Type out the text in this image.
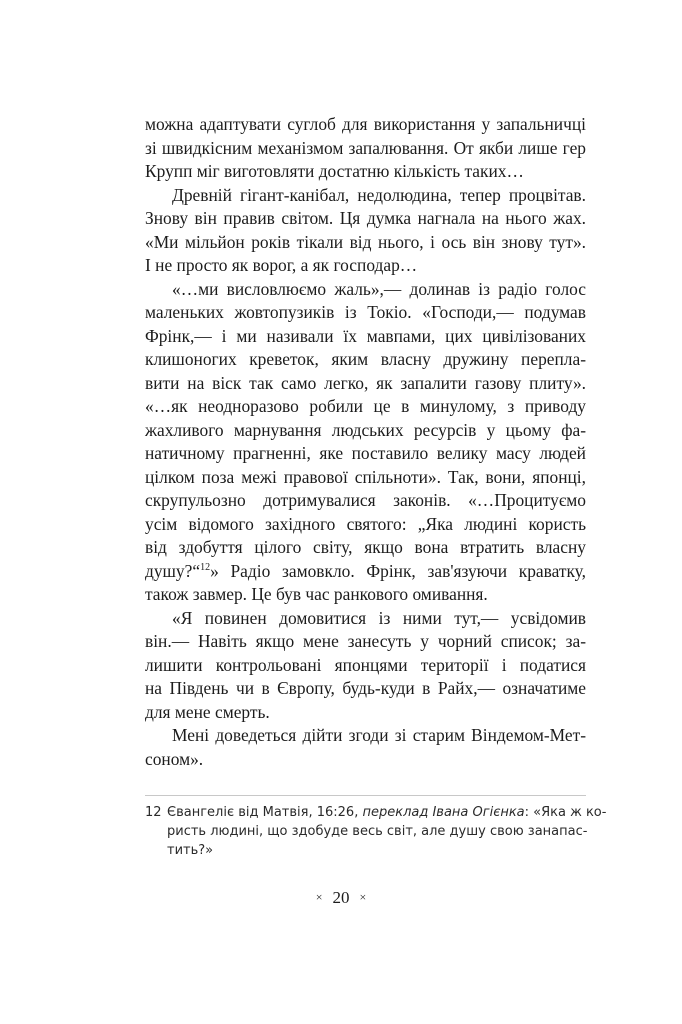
можна адаптувати суглоб для використання у запальничці
зі швидкісним механізмом запалювання. От якби лише гер
Крупп міг виготовляти достатню кількість таких…

Древній гігант-канібал, недолюдина, тепер процвітав.
Знову він правив світом. Ця думка нагнала на нього жах.
«Ми мільйон років тікали від нього, і ось він знову тут».
І не просто як ворог, а як господар…

«…ми висловлюємо жаль»,— долинав із радіо голос
маленьких жовтопузиків із Токіо. «Господи,— подумав
Фрінк,— і ми називали їх мавпами, цих цивілізованих
клишоногих креветок, яким власну дружину перепла-
вити на віск так само легко, як запалити газову плиту».
«…як неодноразово робили це в минулому, з приводу
жахливого марнування людських ресурсів у цьому фа-
натичному прагненні, яке поставило велику масу людей
цілком поза межі правової спільноти». Так, вони, японці,
скрупульозно дотримувалися законів. «…Процитуємо
усім відомого західного святого: „Яка людині користь
від здобуття цілого світу, якщо вона втратить власну
душу?“$^{12}$» Радіо замовкло. Фрінк, зав'язуючи краватку,
також завмер. Це був час ранкового омивання.

«Я повинен домовитися із ними тут,— усвідомив
він.— Навіть якщо мене занесуть у чорний список; за-
лишити контрольовані японцями території і податися
на Південь чи в Європу, будь-куди в Райх,— означатиме
для мене смерть.

Мені доведеться дійти згоди зі старим Віндемом-Мет-
соном».

12 Євангеліє від Матвія, 16:26, переклад Івана Огієнка: «Яка ж ко-
ристь людині, що здобуде весь світ, але душу свою занапас-
тить?»
× 20 ×
